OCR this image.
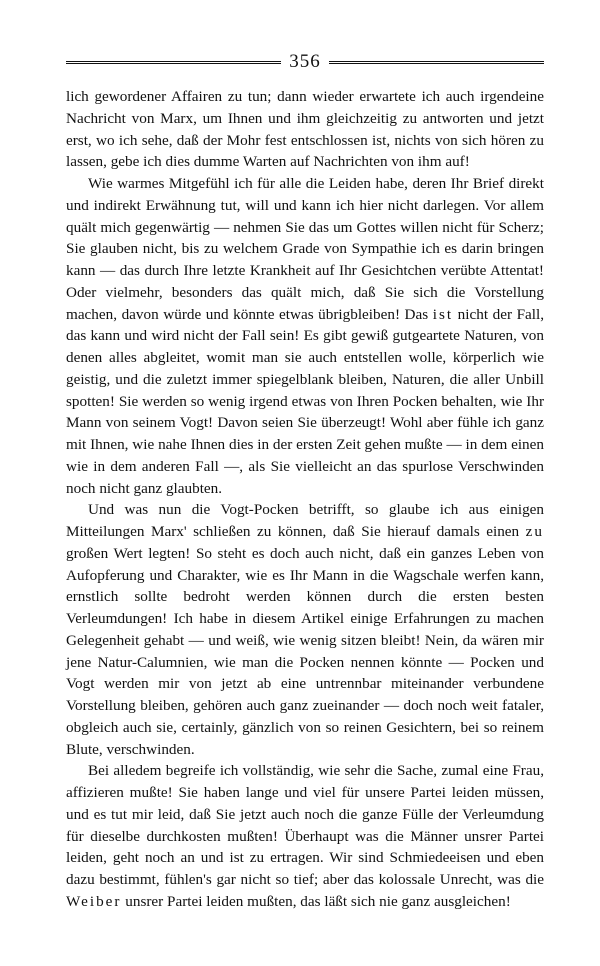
356

lich gewordener Affairen zu tun; dann wieder erwartete ich auch irgendeine Nachricht von Marx, um Ihnen und ihm gleichzeitig zu antworten und jetzt erst, wo ich sehe, daß der Mohr fest entschlossen ist, nichts von sich hören zu lassen, gebe ich dies dumme Warten auf Nachrichten von ihm auf!

Wie warmes Mitgefühl ich für alle die Leiden habe, deren Ihr Brief direkt und indirekt Erwähnung tut, will und kann ich hier nicht darlegen. Vor allem quält mich gegenwärtig — nehmen Sie das um Gottes willen nicht für Scherz; Sie glauben nicht, bis zu welchem Grade von Sympathie ich es darin bringen kann — das durch Ihre letzte Krankheit auf Ihr Gesichtchen verübte Attentat! Oder vielmehr, besonders das quält mich, daß Sie sich die Vorstellung machen, davon würde und könnte etwas übrigbleiben! Das ist nicht der Fall, das kann und wird nicht der Fall sein! Es gibt gewiß gutgeartete Naturen, von denen alles abgleitet, womit man sie auch entstellen wolle, körperlich wie geistig, und die zuletzt immer spiegelblank bleiben, Naturen, die aller Unbill spotten! Sie werden so wenig irgend etwas von Ihren Pocken behalten, wie Ihr Mann von seinem Vogt! Davon seien Sie überzeugt! Wohl aber fühle ich ganz mit Ihnen, wie nahe Ihnen dies in der ersten Zeit gehen mußte — in dem einen wie in dem anderen Fall —, als Sie vielleicht an das spurlose Verschwinden noch nicht ganz glaubten.

Und was nun die Vogt-Pocken betrifft, so glaube ich aus einigen Mitteilungen Marx' schließen zu können, daß Sie hierauf damals einen zu großen Wert legten! So steht es doch auch nicht, daß ein ganzes Leben von Aufopferung und Charakter, wie es Ihr Mann in die Wagschale werfen kann, ernstlich sollte bedroht werden können durch die ersten besten Verleumdungen! Ich habe in diesem Artikel einige Erfahrungen zu machen Gelegenheit gehabt — und weiß, wie wenig sitzen bleibt! Nein, da wären mir jene Natur-Calumnien, wie man die Pocken nennen könnte — Pocken und Vogt werden mir von jetzt ab eine untrennbar miteinander verbundene Vorstellung bleiben, gehören auch ganz zueinander — doch noch weit fataler, obgleich auch sie, certainly, gänzlich von so reinen Gesichtern, bei so reinem Blute, verschwinden.

Bei alledem begreife ich vollständig, wie sehr die Sache, zumal eine Frau, affizieren mußte! Sie haben lange und viel für unsere Partei leiden müssen, und es tut mir leid, daß Sie jetzt auch noch die ganze Fülle der Verleumdung für dieselbe durchkosten mußten! Überhaupt was die Männer unsrer Partei leiden, geht noch an und ist zu ertragen. Wir sind Schmiedeeisen und eben dazu bestimmt, fühlen's gar nicht so tief; aber das kolossale Unrecht, was die Weiber unsrer Partei leiden mußten, das läßt sich nie ganz ausgleichen!
